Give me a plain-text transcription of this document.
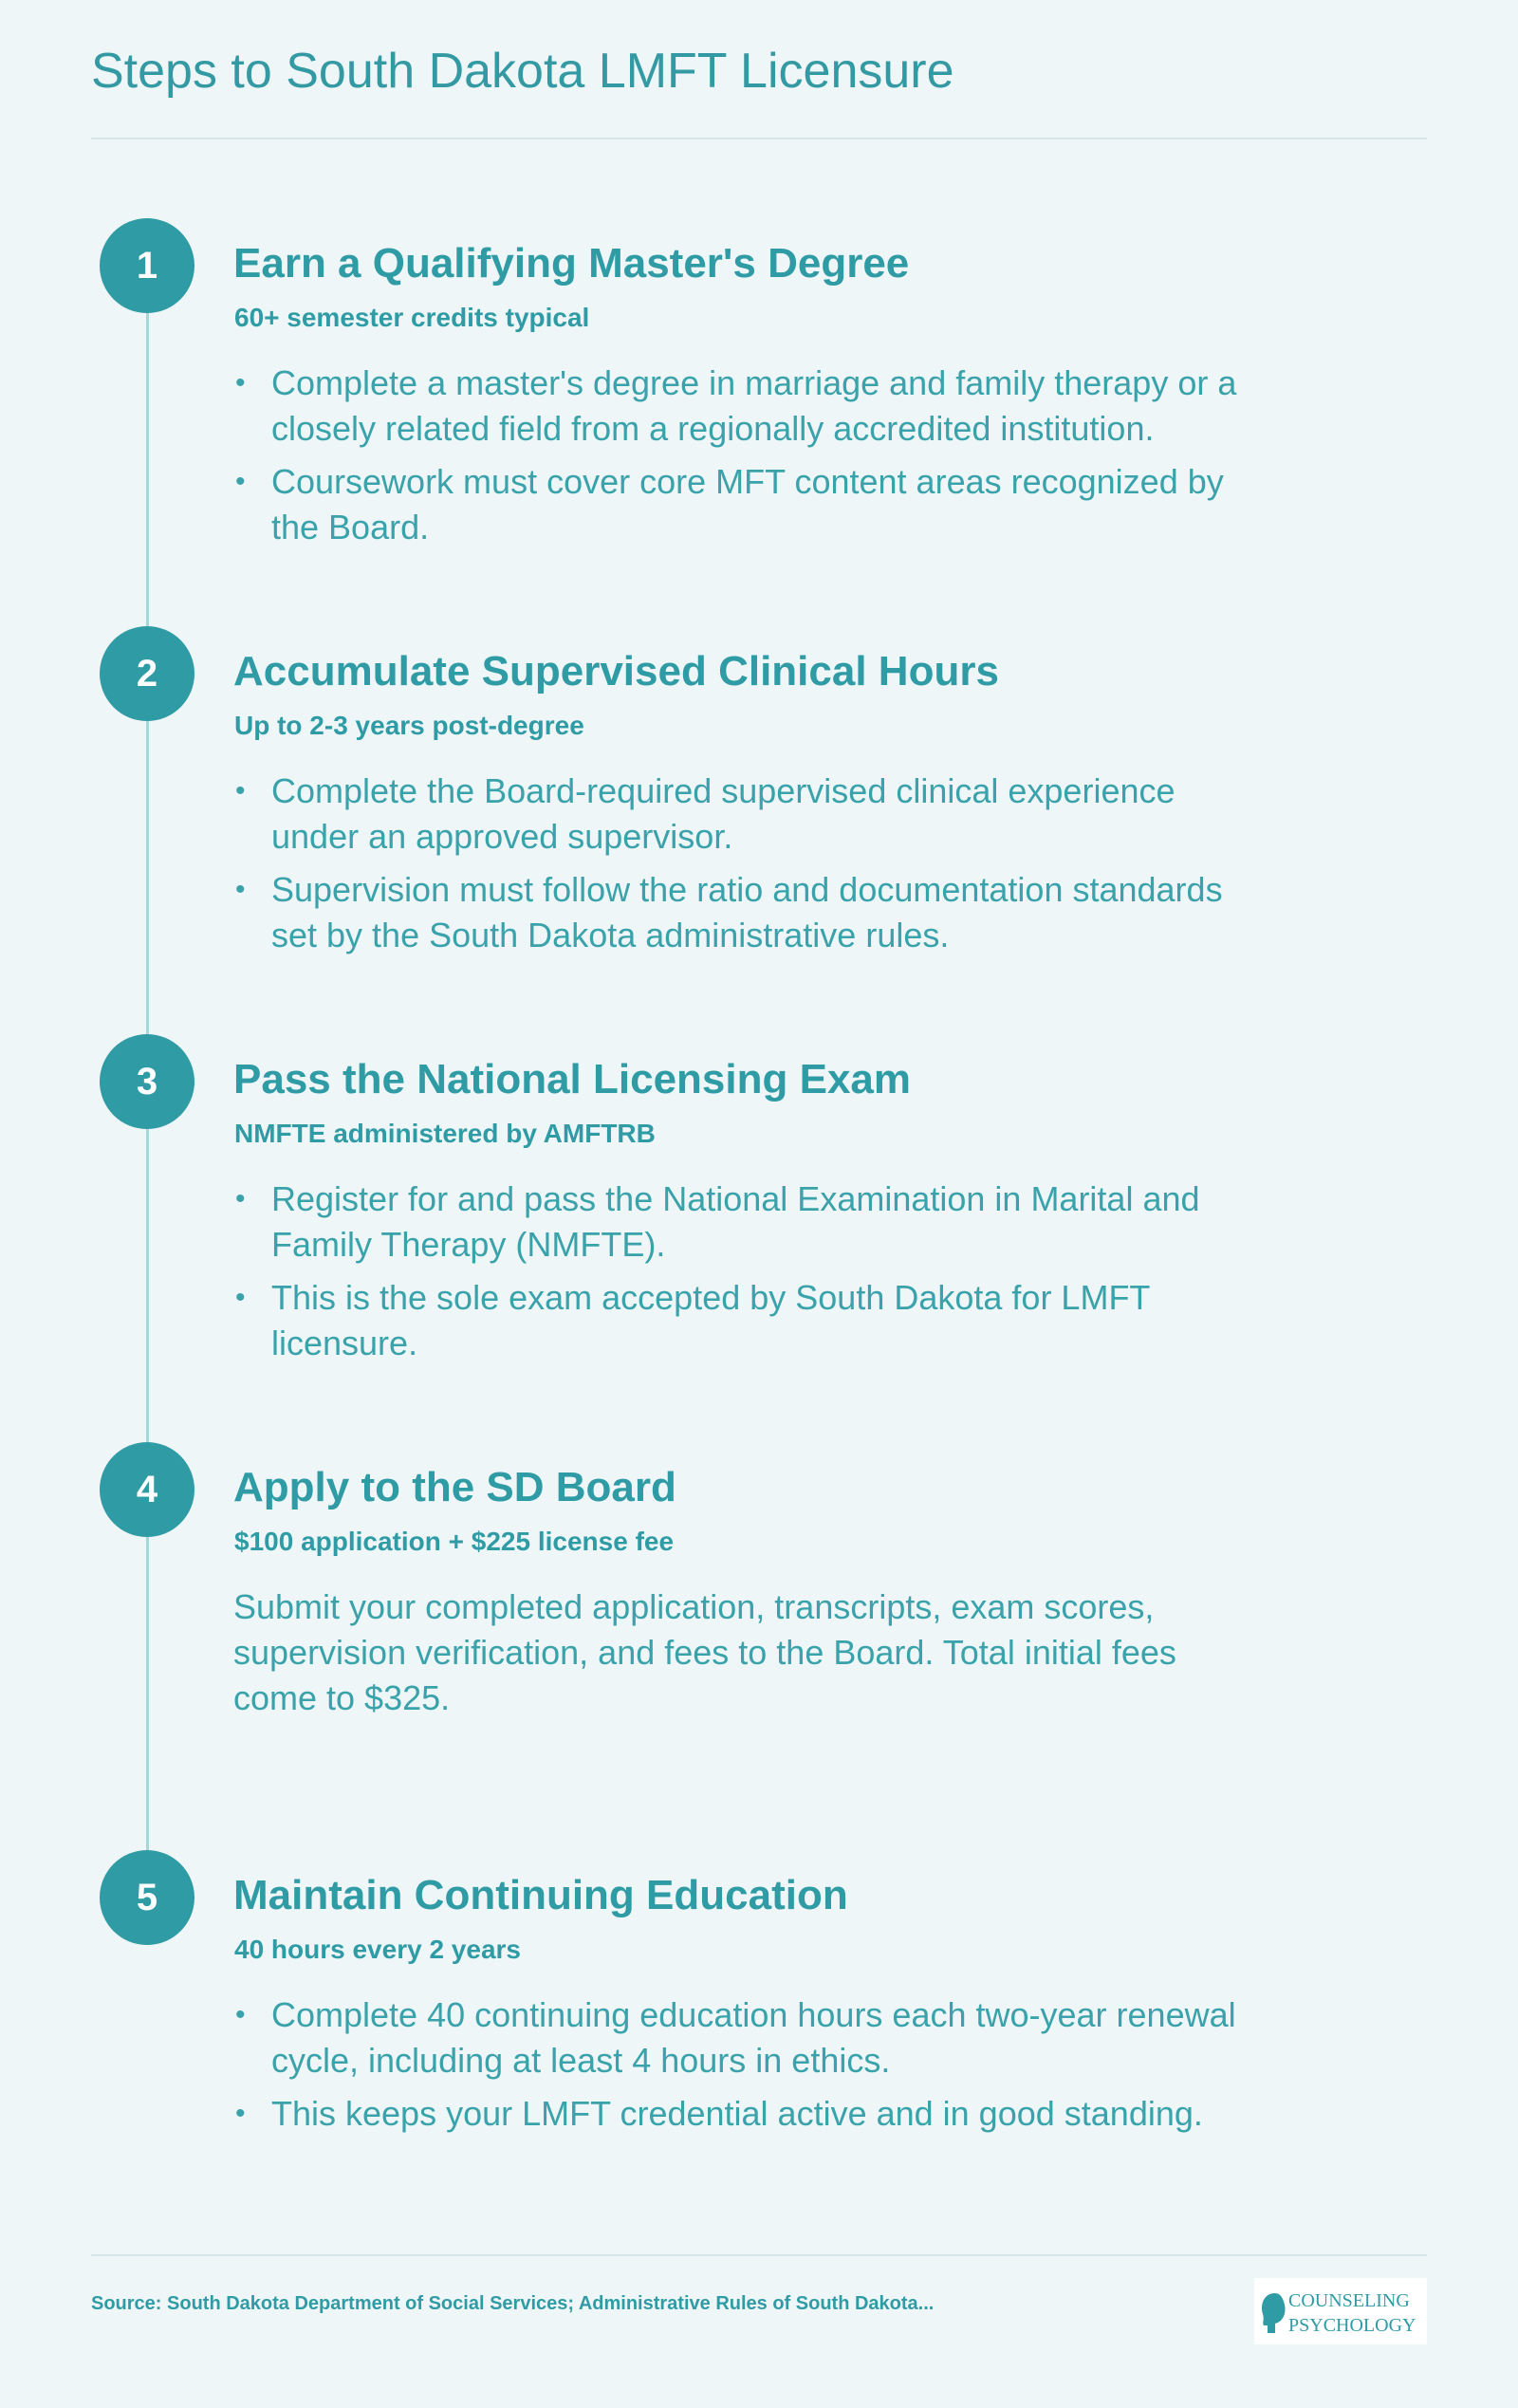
Steps to South Dakota LMFT Licensure
1	Earn a Qualifying Master's Degree
60+ semester credits typical
• Complete a master's degree in marriage and family therapy or a closely related field from a regionally accredited institution.
• Coursework must cover core MFT content areas recognized by the Board.
2	Accumulate Supervised Clinical Hours
Up to 2-3 years post-degree
• Complete the Board-required supervised clinical experience under an approved supervisor.
• Supervision must follow the ratio and documentation standards set by the South Dakota administrative rules.
3	Pass the National Licensing Exam
NMFTE administered by AMFTRB
• Register for and pass the National Examination in Marital and Family Therapy (NMFTE).
• This is the sole exam accepted by South Dakota for LMFT licensure.
4	Apply to the SD Board
$100 application + $225 license fee

Submit your completed application, transcripts, exam scores, supervision verification, and fees to the Board. Total initial fees come to $325.

5	Maintain Continuing Education
40 hours every 2 years
• Complete 40 continuing education hours each two-year renewal cycle, including at least 4 hours in ethics.
• This keeps your LMFT credential active and in good standing.
Source: South Dakota Department of Social Services; Administrative Rules of South Dakota...	COUNSELING
PSYCHOLOGY
